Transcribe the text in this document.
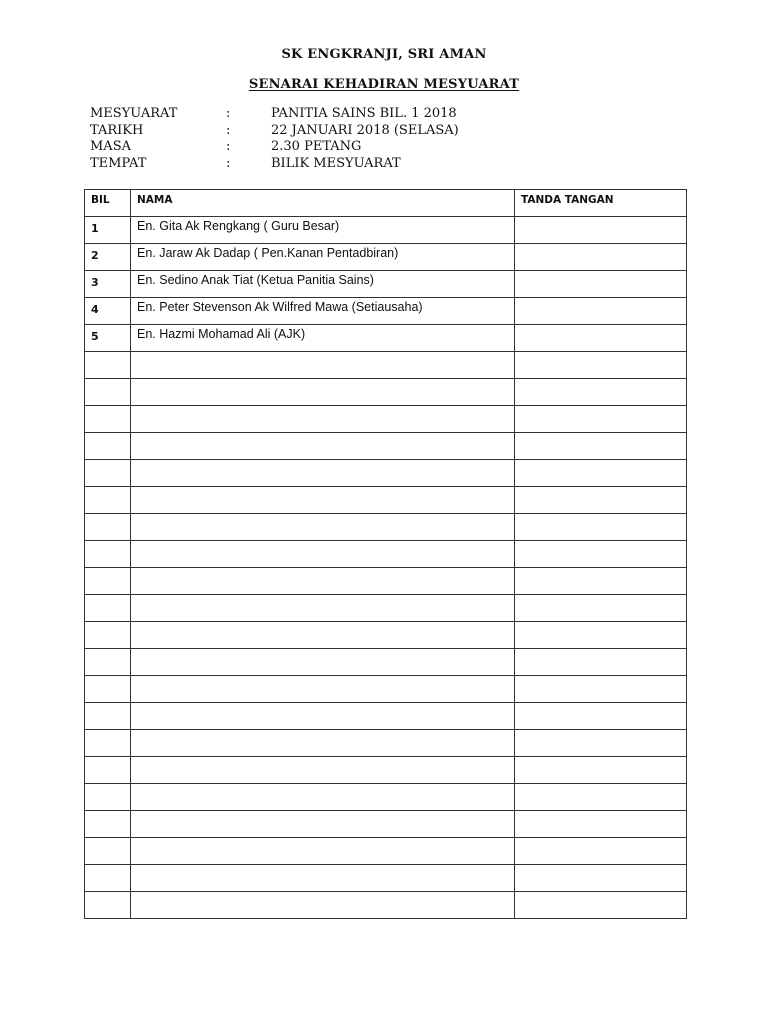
SK ENGKRANJI, SRI AMAN
SENARAI KEHADIRAN MESYUARAT
MESYUARAT	:	PANITIA SAINS BIL. 1 2018
TARIKH	:	22 JANUARI 2018 (SELASA)
MASA	:	2.30 PETANG
TEMPAT	:	BILIK MESYUARAT
BIL	NAMA	TANDA TANGAN
1	En. Gita Ak Rengkang ( Guru Besar)	
2	En. Jaraw Ak Dadap ( Pen.Kanan Pentadbiran)	
3	En. Sedino Anak Tiat (Ketua Panitia Sains)	
4	En. Peter Stevenson Ak Wilfred Mawa (Setiausaha)	
5	En. Hazmi Mohamad Ali (AJK)	
